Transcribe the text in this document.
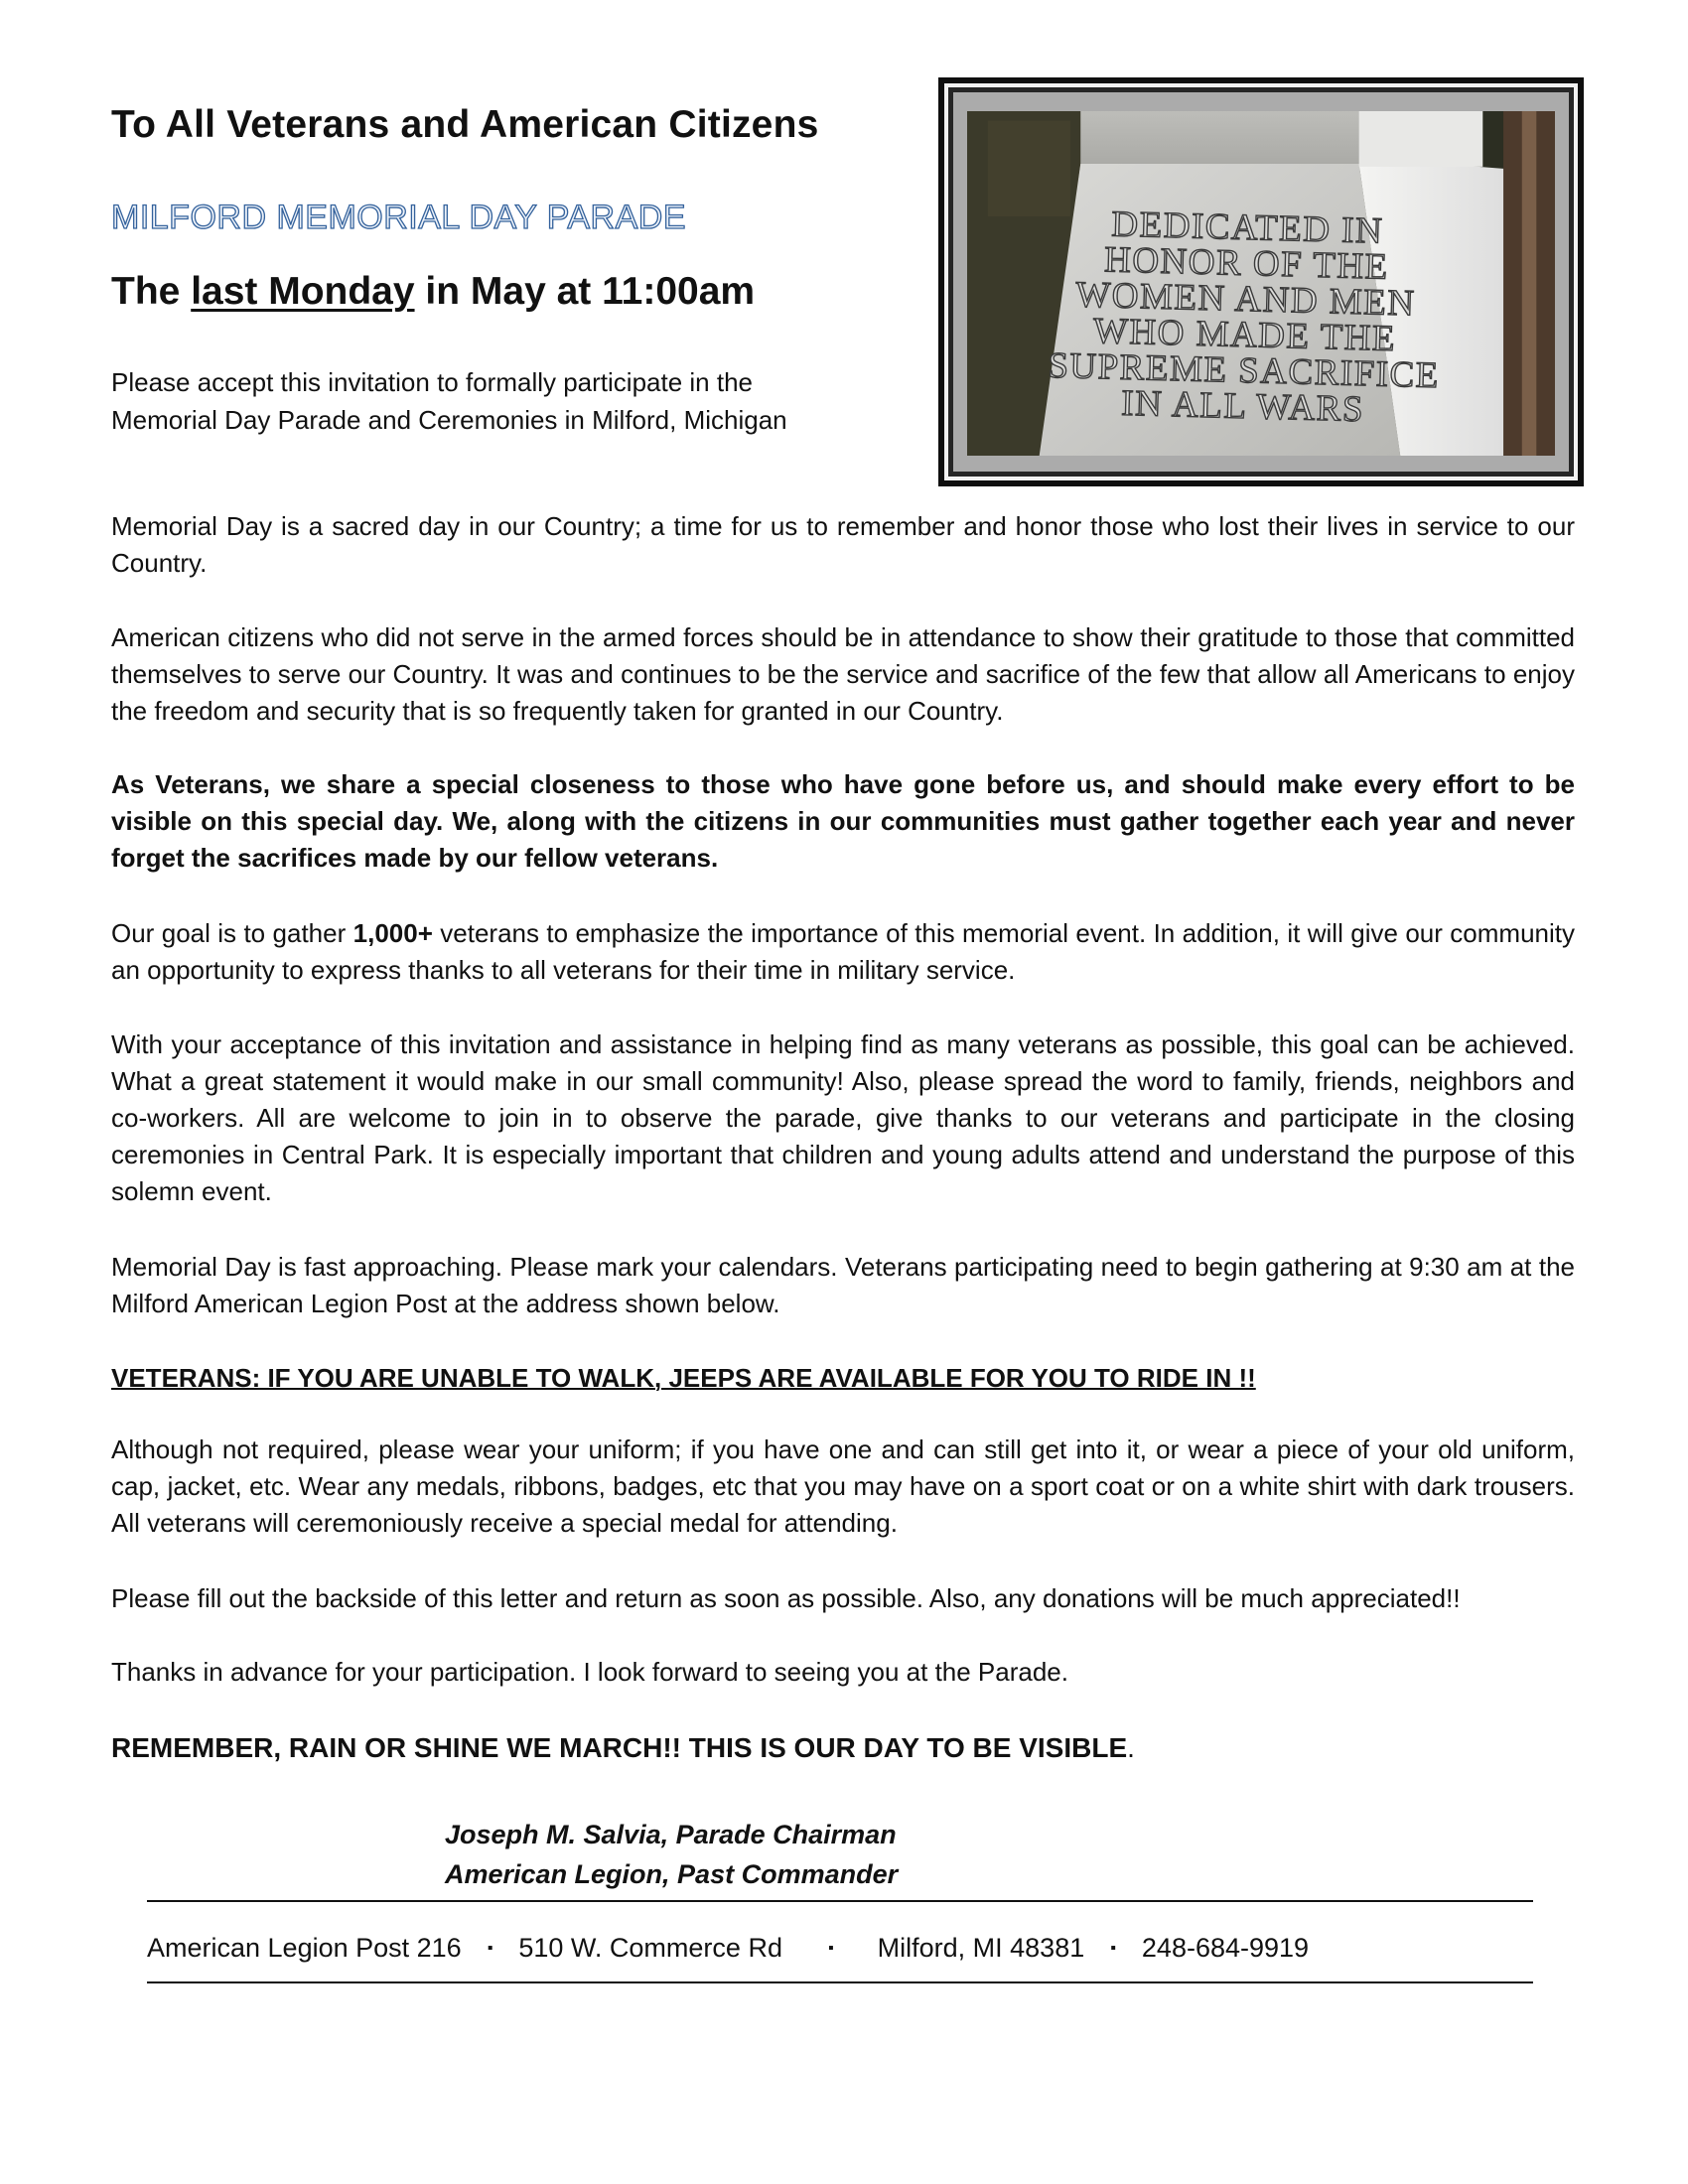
To All Veterans and American Citizens
MILFORD MEMORIAL DAY PARADE
The last Monday in May at 11:00am
Please accept this invitation to formally participate in the
Memorial Day Parade and Ceremonies in Milford, Michigan
DEDICATED IN
HONOR OF THE
WOMEN AND MEN
WHO MADE THE
SUPREME SACRIFICE
IN ALL WARS

Memorial Day is a sacred day in our Country; a time for us to remember and honor those who lost their lives in service to our Country.

American citizens who did not serve in the armed forces should be in attendance to show their gratitude to those that committed themselves to serve our Country. It was and continues to be the service and sacrifice of the few that allow all Americans to enjoy the freedom and security that is so frequently taken for granted in our Country.

As Veterans, we share a special closeness to those who have gone before us, and should make every effort to be visible on this special day. We, along with the citizens in our communities must gather together each year and never forget the sacrifices made by our fellow veterans.

Our goal is to gather 1,000+ veterans to emphasize the importance of this memorial event. In addition, it will give our community an opportunity to express thanks to all veterans for their time in military service.

With your acceptance of this invitation and assistance in helping find as many veterans as possible, this goal can be achieved. What a great statement it would make in our small community! Also, please spread the word to family, friends, neighbors and co-workers. All are welcome to join in to observe the parade, give thanks to our veterans and participate in the closing ceremonies in Central Park. It is especially important that children and young adults attend and understand the purpose of this solemn event.

Memorial Day is fast approaching. Please mark your calendars. Veterans participating need to begin gathering at 9:30 am at the Milford American Legion Post at the address shown below.

VETERANS: IF YOU ARE UNABLE TO WALK, JEEPS ARE AVAILABLE FOR YOU TO RIDE IN !!

Although not required, please wear your uniform; if you have one and can still get into it, or wear a piece of your old uniform, cap, jacket, etc. Wear any medals, ribbons, badges, etc that you may have on a sport coat or on a white shirt with dark trousers. All veterans will ceremoniously receive a special medal for attending.

Please fill out the backside of this letter and return as soon as possible. Also, any donations will be much appreciated!!

Thanks in advance for your participation. I look forward to seeing you at the Parade.

REMEMBER, RAIN OR SHINE WE MARCH!! THIS IS OUR DAY TO BE VISIBLE.

Joseph M. Salvia, Parade Chairman
American Legion, Past Commander
American Legion Post 216 ▪ 510 W. Commerce Rd	▪ Milford, MI 48381 ▪ 248-684-9919
